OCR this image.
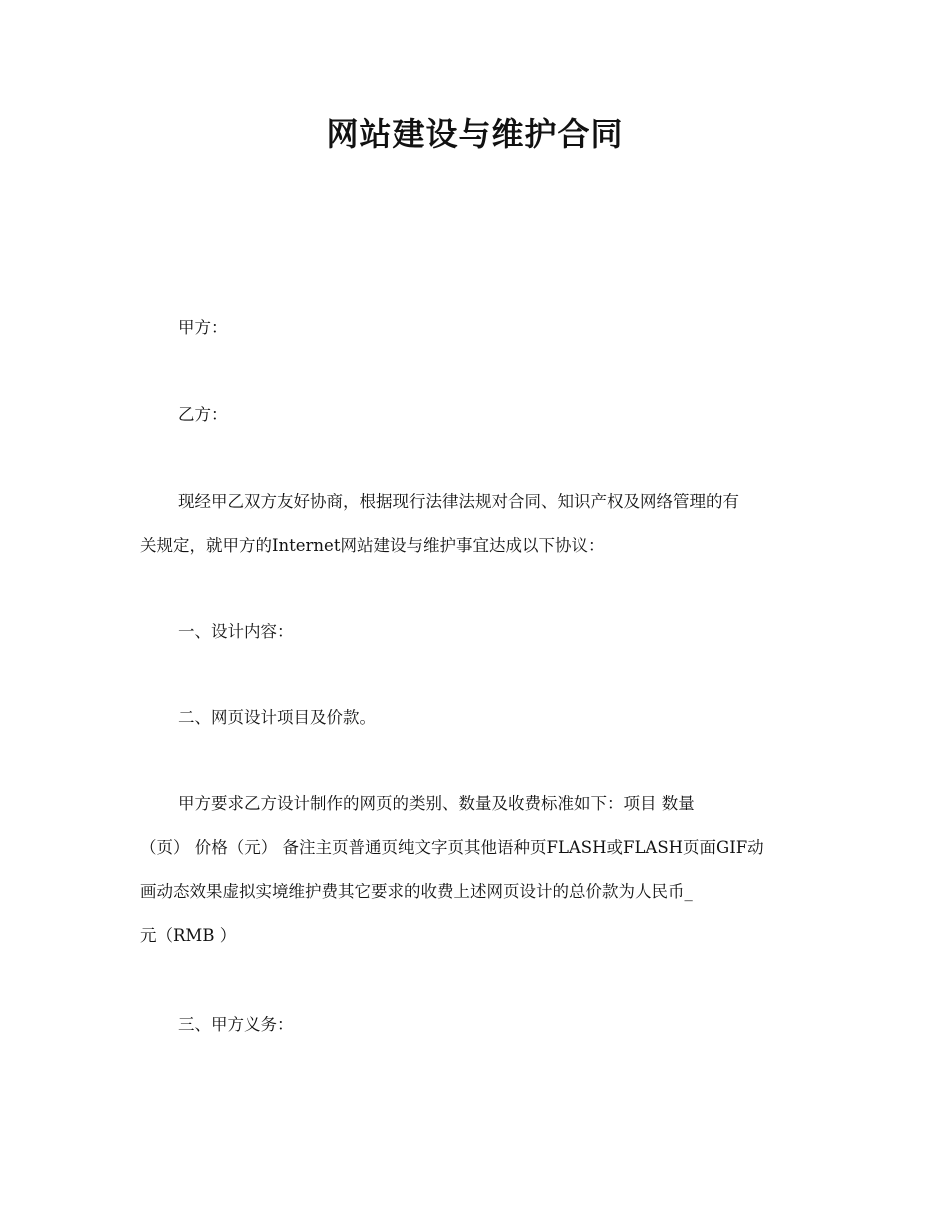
网站建设与维护合同
甲方：
乙方：
现经甲乙双方友好协商，根据现行法律法规对合同、知识产权及网络管理的有
关规定，就甲方的Internet网站建设与维护事宜达成以下协议：
一、设计内容：
二、网页设计项目及价款。
甲方要求乙方设计制作的网页的类别、数量及收费标准如下：项目 数量
（页） 价格（元） 备注主页普通页纯文字页其他语种页FLASH或FLASH页面GIF动
画动态效果虚拟实境维护费其它要求的收费上述网页设计的总价款为人民币_
元（RMB ）
三、甲方义务：
